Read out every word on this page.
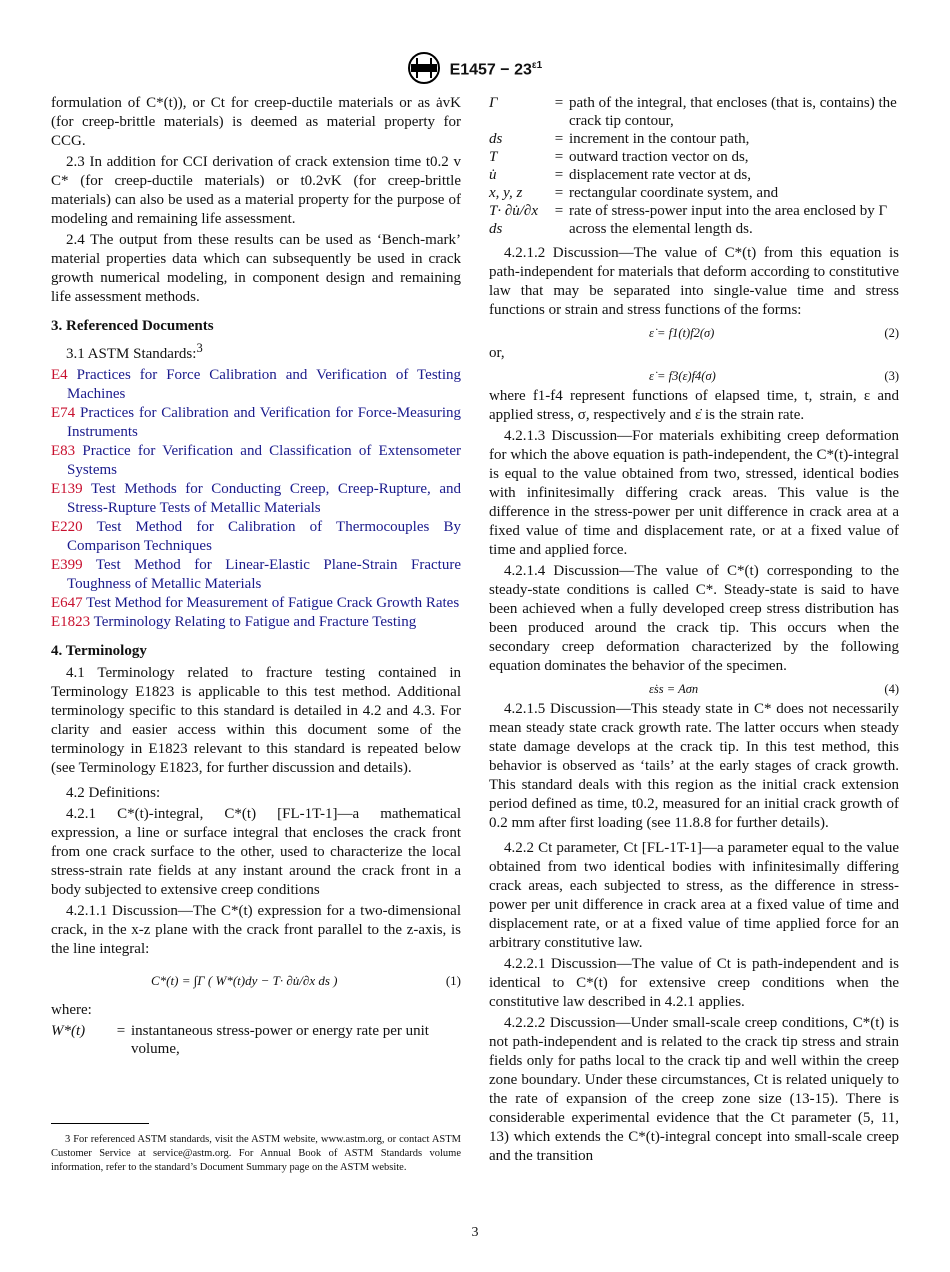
$E1457 - 23^{\varepsilon 1}$

formulation of C*(t)), or Ct for creep-ductile materials or as ȧvK (for creep-brittle materials) is deemed as material property for CCG.

2.3 In addition for CCI derivation of crack extension time t0.2 v C* (for creep-ductile materials) or t0.2vK (for creep-brittle materials) can also be used as a material property for the purpose of modeling and remaining life assessment.

2.4 The output from these results can be used as ‘Bench-mark’ material properties data which can subsequently be used in crack growth numerical modeling, in component design and remaining life assessment methods.

3. Referenced Documents

3.1 ASTM Standards:$^3$

E4 Practices for Force Calibration and Verification of Testing Machines

E74 Practices for Calibration and Verification for Force-Measuring Instruments

E83 Practice for Verification and Classification of Extensometer Systems

E139 Test Methods for Conducting Creep, Creep-Rupture, and Stress-Rupture Tests of Metallic Materials

E220 Test Method for Calibration of Thermocouples By Comparison Techniques

E399 Test Method for Linear-Elastic Plane-Strain Fracture Toughness of Metallic Materials

E647 Test Method for Measurement of Fatigue Crack Growth Rates

E1823 Terminology Relating to Fatigue and Fracture Testing

4. Terminology

4.1 Terminology related to fracture testing contained in Terminology E1823 is applicable to this test method. Additional terminology specific to this standard is detailed in 4.2 and 4.3. For clarity and easier access within this document some of the terminology in E1823 relevant to this standard is repeated below (see Terminology E1823, for further discussion and details).

4.2 Definitions:

4.2.1 C*(t)-integral, C*(t) [FL-1T-1]—a mathematical expression, a line or surface integral that encloses the crack front from one crack surface to the other, used to characterize the local stress-strain rate fields at any instant around the crack front in a body subjected to extensive creep conditions

4.2.1.1 Discussion—The C*(t) expression for a two-dimensional crack, in the x-z plane with the crack front parallel to the z-axis, is the line integral:

C*(t) = ∫Γ ( W*(t)dy − T· ∂u̇/∂x ds )	(1)

where:

W*(t)	=	instantaneous stress-power or energy rate per unit volume,
3 For referenced ASTM standards, visit the ASTM website, www.astm.org, or contact ASTM Customer Service at service@astm.org. For Annual Book of ASTM Standards volume information, refer to the standard’s Document Summary page on the ASTM website.
Γ	=	path of the integral, that encloses (that is, contains) the crack tip contour,
ds	=	increment in the contour path,
T	=	outward traction vector on ds,
u̇	=	displacement rate vector at ds,
x, y, z	=	rectangular coordinate system, and
T· ∂u̇/∂x ds	=	rate of stress-power input into the area enclosed by Γ across the elemental length ds.

4.2.1.2 Discussion—The value of C*(t) from this equation is path-independent for materials that deform according to constitutive law that may be separated into single-value time and stress functions or strain and stress functions of the forms:

ε̇ = f1(t)f2(σ)	(2)

or,

ε̇ = f3(ε)f4(σ)	(3)

where f1-f4 represent functions of elapsed time, t, strain, ε and applied stress, σ, respectively and ε̇ is the strain rate.

4.2.1.3 Discussion—For materials exhibiting creep deformation for which the above equation is path-independent, the C*(t)-integral is equal to the value obtained from two, stressed, identical bodies with infinitesimally differing crack areas. This value is the difference in the stress-power per unit difference in crack area at a fixed value of time and displacement rate, or at a fixed value of time and applied force.

4.2.1.4 Discussion—The value of C*(t) corresponding to the steady-state conditions is called C*. Steady-state is said to have been achieved when a fully developed creep stress distribution has been produced around the crack tip. This occurs when the secondary creep deformation characterized by the following equation dominates the behavior of the specimen.

ε̇ss = Aσn	(4)

4.2.1.5 Discussion—This steady state in C* does not necessarily mean steady state crack growth rate. The latter occurs when steady state damage develops at the crack tip. In this test method, this behavior is observed as ‘tails’ at the early stages of crack growth. This standard deals with this region as the initial crack extension period defined as time, t0.2, measured for an initial crack growth of 0.2 mm after first loading (see 11.8.8 for further details).

4.2.2 Ct parameter, Ct [FL-1T-1]—a parameter equal to the value obtained from two identical bodies with infinitesimally differing crack areas, each subjected to stress, as the difference in stress-power per unit difference in crack area at a fixed value of time and displacement rate, or at a fixed value of time applied force for an arbitrary constitutive law.

4.2.2.1 Discussion—The value of Ct is path-independent and is identical to C*(t) for extensive creep conditions when the constitutive law described in 4.2.1 applies.

4.2.2.2 Discussion—Under small-scale creep conditions, C*(t) is not path-independent and is related to the crack tip stress and strain fields only for paths local to the crack tip and well within the creep zone boundary. Under these circumstances, Ct is related uniquely to the rate of expansion of the creep zone size (13-15). There is considerable experimental evidence that the Ct parameter (5, 11, 13) which extends the C*(t)-integral concept into small-scale creep and the transition

3
